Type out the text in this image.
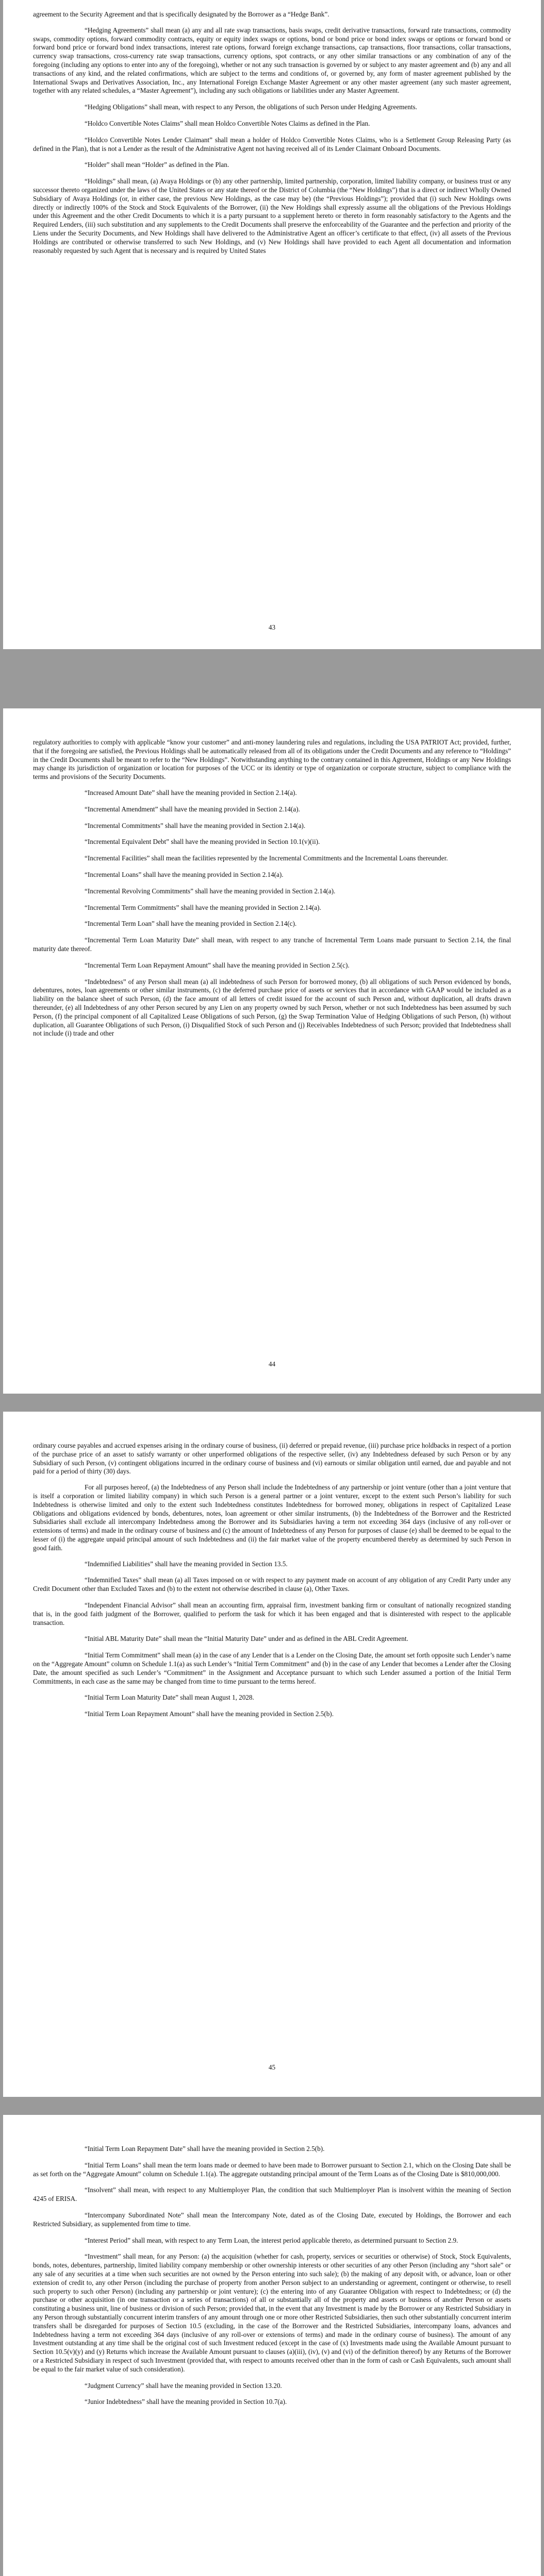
agreement to the Security Agreement and that is specifically designated by the Borrower as a “Hedge Bank”.

“Hedging Agreements” shall mean (a) any and all rate swap transactions, basis swaps, credit derivative transactions, forward rate transactions, commodity swaps, commodity options, forward commodity contracts, equity or equity index swaps or options, bond or bond price or bond index swaps or options or forward bond or forward bond price or forward bond index transactions, interest rate options, forward foreign exchange transactions, cap transactions, floor transactions, collar transactions, currency swap transactions, cross-currency rate swap transactions, currency options, spot contracts, or any other similar transactions or any combination of any of the foregoing (including any options to enter into any of the foregoing), whether or not any such transaction is governed by or subject to any master agreement and (b) any and all transactions of any kind, and the related confirmations, which are subject to the terms and conditions of, or governed by, any form of master agreement published by the International Swaps and Derivatives Association, Inc., any International Foreign Exchange Master Agreement or any other master agreement (any such master agreement, together with any related schedules, a “Master Agreement”), including any such obligations or liabilities under any Master Agreement.

“Hedging Obligations” shall mean, with respect to any Person, the obligations of such Person under Hedging Agreements.

“Holdco Convertible Notes Claims” shall mean Holdco Convertible Notes Claims as defined in the Plan.

“Holdco Convertible Notes Lender Claimant” shall mean a holder of Holdco Convertible Notes Claims, who is a Settlement Group Releasing Party (as defined in the Plan), that is not a Lender as the result of the Administrative Agent not having received all of its Lender Claimant Onboard Documents.

“Holder” shall mean “Holder” as defined in the Plan.

“Holdings” shall mean, (a) Avaya Holdings or (b) any other partnership, limited partnership, corporation, limited liability company, or business trust or any successor thereto organized under the laws of the United States or any state thereof or the District of Columbia (the “New Holdings”) that is a direct or indirect Wholly Owned Subsidiary of Avaya Holdings (or, in either case, the previous New Holdings, as the case may be) (the “Previous Holdings”); provided that (i) such New Holdings owns directly or indirectly 100% of the Stock and Stock Equivalents of the Borrower, (ii) the New Holdings shall expressly assume all the obligations of the Previous Holdings under this Agreement and the other Credit Documents to which it is a party pursuant to a supplement hereto or thereto in form reasonably satisfactory to the Agents and the Required Lenders, (iii) such substitution and any supplements to the Credit Documents shall preserve the enforceability of the Guarantee and the perfection and priority of the Liens under the Security Documents, and New Holdings shall have delivered to the Administrative Agent an officer’s certificate to that effect, (iv) all assets of the Previous Holdings are contributed or otherwise transferred to such New Holdings, and (v) New Holdings shall have provided to each Agent all documentation and information reasonably requested by such Agent that is necessary and is required by United States

43

regulatory authorities to comply with applicable “know your customer” and anti-money laundering rules and regulations, including the USA PATRIOT Act; provided, further, that if the foregoing are satisfied, the Previous Holdings shall be automatically released from all of its obligations under the Credit Documents and any reference to “Holdings” in the Credit Documents shall be meant to refer to the “New Holdings”. Notwithstanding anything to the contrary contained in this Agreement, Holdings or any New Holdings may change its jurisdiction of organization or location for purposes of the UCC or its identity or type of organization or corporate structure, subject to compliance with the terms and provisions of the Security Documents.

“Increased Amount Date” shall have the meaning provided in Section 2.14(a).

“Incremental Amendment” shall have the meaning provided in Section 2.14(a).

“Incremental Commitments” shall have the meaning provided in Section 2.14(a).

“Incremental Equivalent Debt” shall have the meaning provided in Section 10.1(v)(ii).

“Incremental Facilities” shall mean the facilities represented by the Incremental Commitments and the Incremental Loans thereunder.

“Incremental Loans” shall have the meaning provided in Section 2.14(a).

“Incremental Revolving Commitments” shall have the meaning provided in Section 2.14(a).

“Incremental Term Commitments” shall have the meaning provided in Section 2.14(a).

“Incremental Term Loan” shall have the meaning provided in Section 2.14(c).

“Incremental Term Loan Maturity Date” shall mean, with respect to any tranche of Incremental Term Loans made pursuant to Section 2.14, the final maturity date thereof.

“Incremental Term Loan Repayment Amount” shall have the meaning provided in Section 2.5(c).

“Indebtedness” of any Person shall mean (a) all indebtedness of such Person for borrowed money, (b) all obligations of such Person evidenced by bonds, debentures, notes, loan agreements or other similar instruments, (c) the deferred purchase price of assets or services that in accordance with GAAP would be included as a liability on the balance sheet of such Person, (d) the face amount of all letters of credit issued for the account of such Person and, without duplication, all drafts drawn thereunder, (e) all Indebtedness of any other Person secured by any Lien on any property owned by such Person, whether or not such Indebtedness has been assumed by such Person, (f) the principal component of all Capitalized Lease Obligations of such Person, (g) the Swap Termination Value of Hedging Obligations of such Person, (h) without duplication, all Guarantee Obligations of such Person, (i) Disqualified Stock of such Person and (j) Receivables Indebtedness of such Person; provided that Indebtedness shall not include (i) trade and other

44

ordinary course payables and accrued expenses arising in the ordinary course of business, (ii) deferred or prepaid revenue, (iii) purchase price holdbacks in respect of a portion of the purchase price of an asset to satisfy warranty or other unperformed obligations of the respective seller, (iv) any Indebtedness defeased by such Person or by any Subsidiary of such Person, (v) contingent obligations incurred in the ordinary course of business and (vi) earnouts or similar obligation until earned, due and payable and not paid for a period of thirty (30) days.

For all purposes hereof, (a) the Indebtedness of any Person shall include the Indebtedness of any partnership or joint venture (other than a joint venture that is itself a corporation or limited liability company) in which such Person is a general partner or a joint venturer, except to the extent such Person’s liability for such Indebtedness is otherwise limited and only to the extent such Indebtedness constitutes Indebtedness for borrowed money, obligations in respect of Capitalized Lease Obligations and obligations evidenced by bonds, debentures, notes, loan agreement or other similar instruments, (b) the Indebtedness of the Borrower and the Restricted Subsidiaries shall exclude all intercompany Indebtedness among the Borrower and its Subsidiaries having a term not exceeding 364 days (inclusive of any roll-over or extensions of terms) and made in the ordinary course of business and (c) the amount of Indebtedness of any Person for purposes of clause (e) shall be deemed to be equal to the lesser of (i) the aggregate unpaid principal amount of such Indebtedness and (ii) the fair market value of the property encumbered thereby as determined by such Person in good faith.

“Indemnified Liabilities” shall have the meaning provided in Section 13.5.

“Indemnified Taxes” shall mean (a) all Taxes imposed on or with respect to any payment made on account of any obligation of any Credit Party under any Credit Document other than Excluded Taxes and (b) to the extent not otherwise described in clause (a), Other Taxes.

“Independent Financial Advisor” shall mean an accounting firm, appraisal firm, investment banking firm or consultant of nationally recognized standing that is, in the good faith judgment of the Borrower, qualified to perform the task for which it has been engaged and that is disinterested with respect to the applicable transaction.

“Initial ABL Maturity Date” shall mean the “Initial Maturity Date” under and as defined in the ABL Credit Agreement.

“Initial Term Commitment” shall mean (a) in the case of any Lender that is a Lender on the Closing Date, the amount set forth opposite such Lender’s name on the “Aggregate Amount” column on Schedule 1.1(a) as such Lender’s “Initial Term Commitment” and (b) in the case of any Lender that becomes a Lender after the Closing Date, the amount specified as such Lender’s “Commitment” in the Assignment and Acceptance pursuant to which such Lender assumed a portion of the Initial Term Commitments, in each case as the same may be changed from time to time pursuant to the terms hereof.

“Initial Term Loan Maturity Date” shall mean August 1, 2028.

“Initial Term Loan Repayment Amount” shall have the meaning provided in Section 2.5(b).

45

“Initial Term Loan Repayment Date” shall have the meaning provided in Section 2.5(b).

“Initial Term Loans” shall mean the term loans made or deemed to have been made to Borrower pursuant to Section 2.1, which on the Closing Date shall be as set forth on the “Aggregate Amount” column on Schedule 1.1(a). The aggregate outstanding principal amount of the Term Loans as of the Closing Date is $810,000,000.

“Insolvent” shall mean, with respect to any Multiemployer Plan, the condition that such Multiemployer Plan is insolvent within the meaning of Section 4245 of ERISA.

“Intercompany Subordinated Note” shall mean the Intercompany Note, dated as of the Closing Date, executed by Holdings, the Borrower and each Restricted Subsidiary, as supplemented from time to time.

“Interest Period” shall mean, with respect to any Term Loan, the interest period applicable thereto, as determined pursuant to Section 2.9.

“Investment” shall mean, for any Person: (a) the acquisition (whether for cash, property, services or securities or otherwise) of Stock, Stock Equivalents, bonds, notes, debentures, partnership, limited liability company membership or other ownership interests or other securities of any other Person (including any “short sale” or any sale of any securities at a time when such securities are not owned by the Person entering into such sale); (b) the making of any deposit with, or advance, loan or other extension of credit to, any other Person (including the purchase of property from another Person subject to an understanding or agreement, contingent or otherwise, to resell such property to such other Person) (including any partnership or joint venture); (c) the entering into of any Guarantee Obligation with respect to Indebtedness; or (d) the purchase or other acquisition (in one transaction or a series of transactions) of all or substantially all of the property and assets or business of another Person or assets constituting a business unit, line of business or division of such Person; provided that, in the event that any Investment is made by the Borrower or any Restricted Subsidiary in any Person through substantially concurrent interim transfers of any amount through one or more other Restricted Subsidiaries, then such other substantially concurrent interim transfers shall be disregarded for purposes of Section 10.5 (excluding, in the case of the Borrower and the Restricted Subsidiaries, intercompany loans, advances and Indebtedness having a term not exceeding 364 days (inclusive of any roll-over or extensions of terms) and made in the ordinary course of business). The amount of any Investment outstanding at any time shall be the original cost of such Investment reduced (except in the case of (x) Investments made using the Available Amount pursuant to Section 10.5(v)(y) and (y) Returns which increase the Available Amount pursuant to clauses (a)(iii), (iv), (v) and (vi) of the definition thereof) by any Returns of the Borrower or a Restricted Subsidiary in respect of such Investment (provided that, with respect to amounts received other than in the form of cash or Cash Equivalents, such amount shall be equal to the fair market value of such consideration).

“Judgment Currency” shall have the meaning provided in Section 13.20.

“Junior Indebtedness” shall have the meaning provided in Section 10.7(a).
